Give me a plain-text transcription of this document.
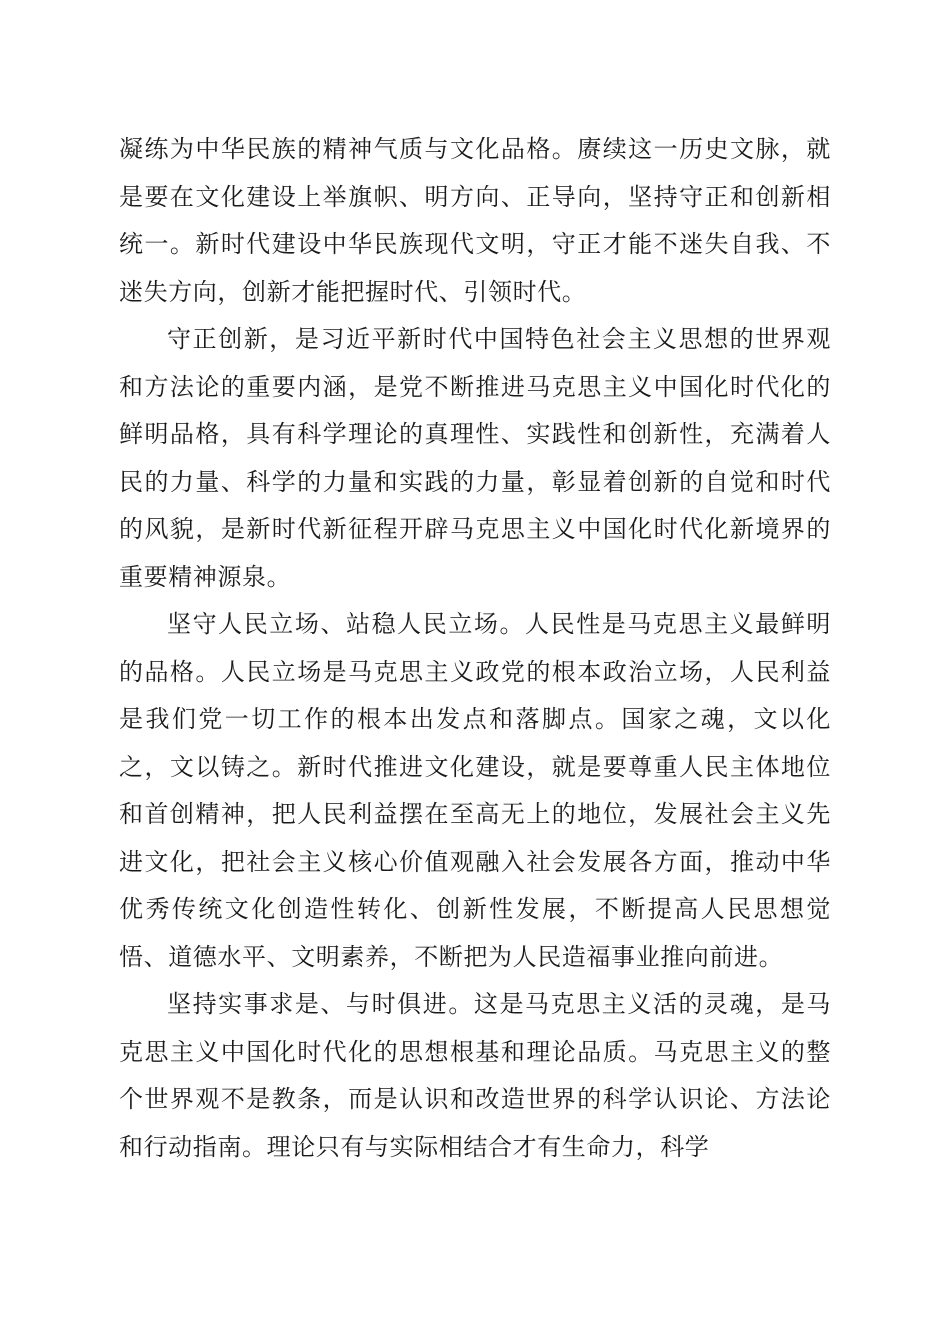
凝练为中华民族的精神气质与文化品格。赓续这一历史文脉，就是要在文化建设上举旗帜、明方向、正导向，坚持守正和创新相统一。新时代建设中华民族现代文明，守正才能不迷失自我、不迷失方向，创新才能把握时代、引领时代。

守正创新，是习近平新时代中国特色社会主义思想的世界观和方法论的重要内涵，是党不断推进马克思主义中国化时代化的鲜明品格，具有科学理论的真理性、实践性和创新性，充满着人民的力量、科学的力量和实践的力量，彰显着创新的自觉和时代的风貌，是新时代新征程开辟马克思主义中国化时代化新境界的重要精神源泉。

坚守人民立场、站稳人民立场。人民性是马克思主义最鲜明的品格。人民立场是马克思主义政党的根本政治立场，人民利益是我们党一切工作的根本出发点和落脚点。国家之魂，文以化之，文以铸之。新时代推进文化建设，就是要尊重人民主体地位和首创精神，把人民利益摆在至高无上的地位，发展社会主义先进文化，把社会主义核心价值观融入社会发展各方面，推动中华优秀传统文化创造性转化、创新性发展，不断提高人民思想觉悟、道德水平、文明素养，不断把为人民造福事业推向前进。

坚持实事求是、与时俱进。这是马克思主义活的灵魂，是马克思主义中国化时代化的思想根基和理论品质。马克思主义的整个世界观不是教条，而是认识和改造世界的科学认识论、方法论和行动指南。理论只有与实际相结合才有生命力，科学
